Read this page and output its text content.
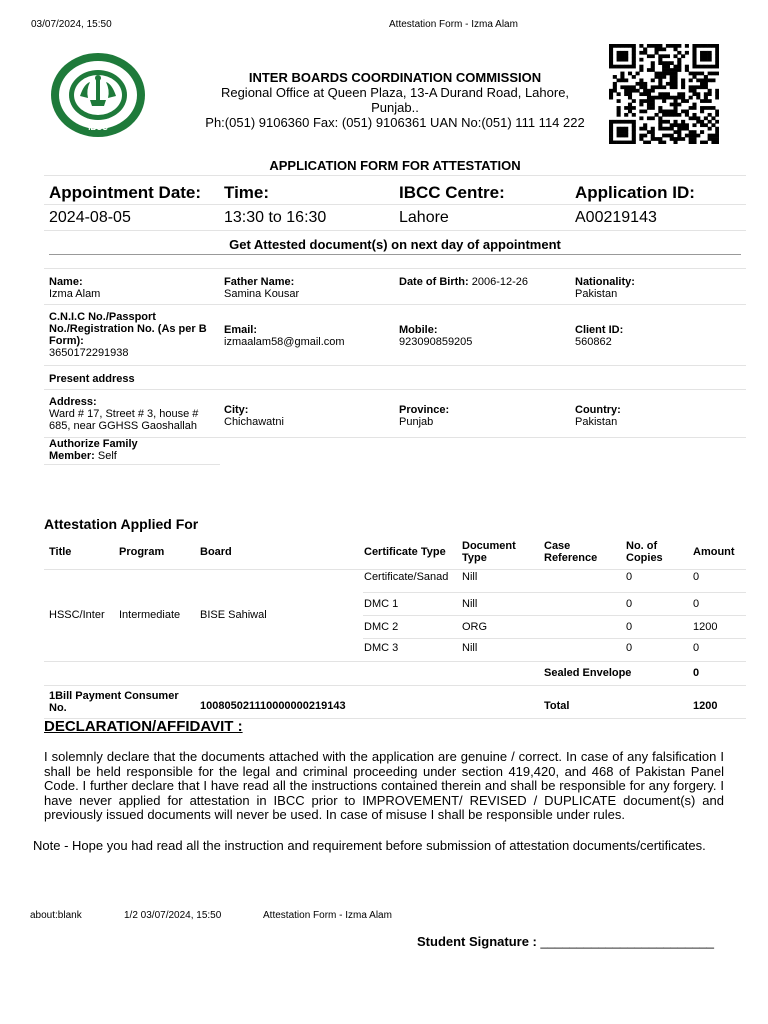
03/07/2024, 15:50	Attestation Form - Izma Alam
IBCC
INTER BOARDS COORDINATION COMMISSION
Regional Office at Queen Plaza, 13-A Durand Road, Lahore, Punjab..
Ph:(051) 9106360 Fax: (051) 9106361 UAN No:(051) 111 114 222
APPLICATION FORM FOR ATTESTATION
Appointment Date: Time:	IBCC Centre:	Application ID:
2024-08-05	13:30 to 16:30	Lahore	A00219143
Get Attested document(s) on next day of appointment
Name:
Izma Alam
Father Name:
Samina Kousar
Date of Birth: 2006-12-26	Nationality:
Pakistan
C.N.I.C No./Passport No./Registration No. (As per B Form):
3650172291938
Email:
izmaalam58@gmail.com
Mobile:
923090859205
Client ID:
560862
Present address
Address:
Ward # 17, Street # 3, house # 685, near GGHSS Gaoshallah
City:
Chichawatni
Province:
Punjab
Country:
Pakistan
Authorize Family Member: Self
Attestation Applied For
Title	Program	Board	Certificate Type	Document Type	Case Reference	No. of Copies	Amount
HSSC/Inter	Intermediate	BISE Sahiwal	Certificate/Sanad	Nill		0	0
			DMC 1	Nill		0	0
			DMC 2	ORG		0	1200
			DMC 3	Nill		0	0
					Sealed Envelope		0
1Bill Payment Consumer No.		100805021110000000219143			Total		1200
DECLARATION/AFFIDAVIT :
I solemnly declare that the documents attached with the application are genuine / correct. In case of any falsification I shall be held responsible for the legal and criminal proceeding under section 419,420, and 468 of Pakistan Panel Code. I further declare that I have read all the instructions contained therein and shall be responsible for any forgery. I have never applied for attestation in IBCC prior to IMPROVEMENT/ REVISED / DUPLICATE document(s) and previously issued documents will never be used. In case of misuse I shall be responsible under rules.
Note - Hope you had read all the instruction and requirement before submission of attestation documents/certificates.
about:blank	1/2 03/07/2024, 15:50	Attestation Form - Izma Alam
Student Signature : ________________________
